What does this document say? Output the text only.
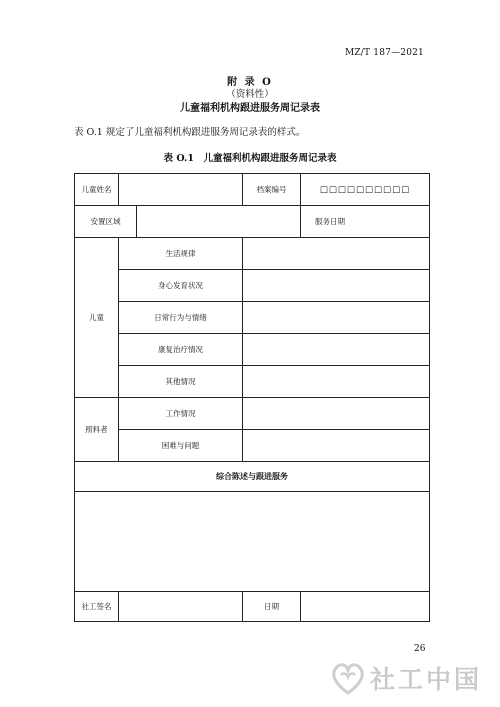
MZ/T 187—2021
附 录 O
（资料性）
儿童福利机构跟进服务周记录表
表 O.1 规定了儿童福利机构跟进服务周记录表的样式。
表 O.1　儿童福利机构跟进服务周记录表
儿童姓名			档案编号	□□□□□□□□□□
安置区域				服务日期
儿童	生活规律			
	身心发育状况			
	日常行为与情绪			
	康复治疗情况			
	其他情况			
照料者	工作情况			
	困难与问题			
综合陈述与跟进服务				

社工签名			日期	
26
社工中国
